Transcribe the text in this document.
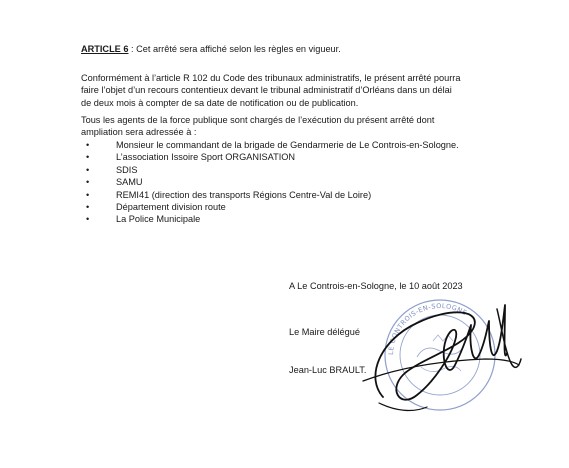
ARTICLE 6 : Cet arrêté sera affiché selon les règles en vigueur.
Conformément à l’article R 102 du Code des tribunaux administratifs, le présent arrêté pourra
faire l’objet d’un recours contentieux devant le tribunal administratif d’Orléans dans un délai
de deux mois à compter de sa date de notification ou de publication.
Tous les agents de la force publique sont chargés de l’exécution du présent arrêté dont
ampliation sera adressée à :
•	Monsieur le commandant de la brigade de Gendarmerie de Le Controis-en-Sologne.
•	L’association Issoire Sport ORGANISATION
•	SDIS
•	SAMU
•	REMI41 (direction des transports Régions Centre-Val de Loire)
•	Département division route
•	La Police Municipale
A Le Controis-en-Sologne, le 10 août 2023
Le Maire délégué
Jean-Luc BRAULT.
LE CONTROIS-EN-SOLOGNE
